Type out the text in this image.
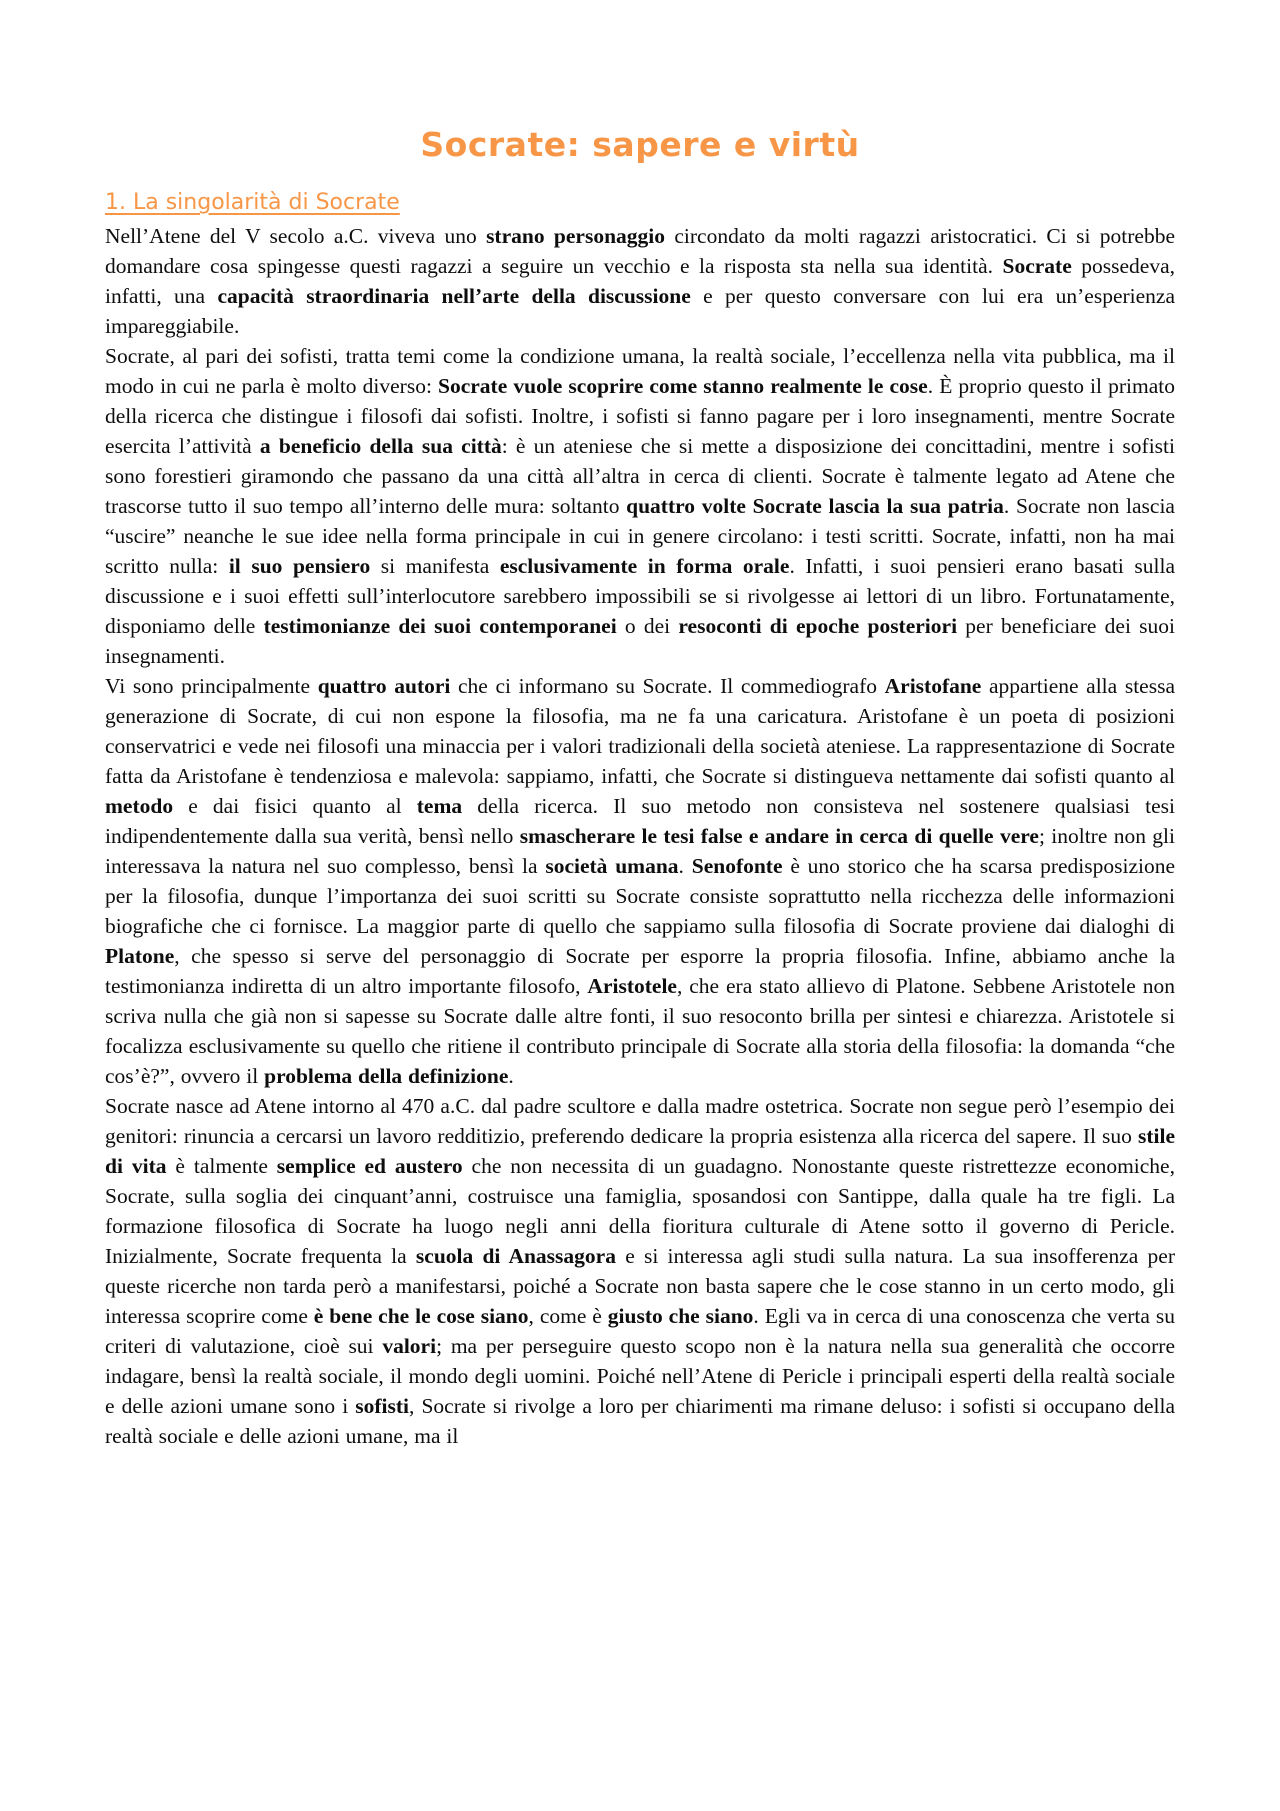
Socrate: sapere e virtù
1. La singolarità di Socrate

Nell’Atene del V secolo a.C. viveva uno strano personaggio circondato da molti ragazzi aristocratici. Ci si potrebbe domandare cosa spingesse questi ragazzi a seguire un vecchio e la risposta sta nella sua identità. Socrate possedeva, infatti, una capacità straordinaria nell’arte della discussione e per questo conversare con lui era un’esperienza impareggiabile.

Socrate, al pari dei sofisti, tratta temi come la condizione umana, la realtà sociale, l’eccellenza nella vita pubblica, ma il modo in cui ne parla è molto diverso: Socrate vuole scoprire come stanno realmente le cose. È proprio questo il primato della ricerca che distingue i filosofi dai sofisti. Inoltre, i sofisti si fanno pagare per i loro insegnamenti, mentre Socrate esercita l’attività a beneficio della sua città: è un ateniese che si mette a disposizione dei concittadini, mentre i sofisti sono forestieri giramondo che passano da una città all’altra in cerca di clienti. Socrate è talmente legato ad Atene che trascorse tutto il suo tempo all’interno delle mura: soltanto quattro volte Socrate lascia la sua patria. Socrate non lascia “uscire” neanche le sue idee nella forma principale in cui in genere circolano: i testi scritti. Socrate, infatti, non ha mai scritto nulla: il suo pensiero si manifesta esclusivamente in forma orale. Infatti, i suoi pensieri erano basati sulla discussione e i suoi effetti sull’interlocutore sarebbero impossibili se si rivolgesse ai lettori di un libro. Fortunatamente, disponiamo delle testimonianze dei suoi contemporanei o dei resoconti di epoche posteriori per beneficiare dei suoi insegnamenti.

Vi sono principalmente quattro autori che ci informano su Socrate. Il commediografo Aristofane appartiene alla stessa generazione di Socrate, di cui non espone la filosofia, ma ne fa una caricatura. Aristofane è un poeta di posizioni conservatrici e vede nei filosofi una minaccia per i valori tradizionali della società ateniese. La rappresentazione di Socrate fatta da Aristofane è tendenziosa e malevola: sappiamo, infatti, che Socrate si distingueva nettamente dai sofisti quanto al metodo e dai fisici quanto al tema della ricerca. Il suo metodo non consisteva nel sostenere qualsiasi tesi indipendentemente dalla sua verità, bensì nello smascherare le tesi false e andare in cerca di quelle vere; inoltre non gli interessava la natura nel suo complesso, bensì la società umana. Senofonte è uno storico che ha scarsa predisposizione per la filosofia, dunque l’importanza dei suoi scritti su Socrate consiste soprattutto nella ricchezza delle informazioni biografiche che ci fornisce. La maggior parte di quello che sappiamo sulla filosofia di Socrate proviene dai dialoghi di Platone, che spesso si serve del personaggio di Socrate per esporre la propria filosofia. Infine, abbiamo anche la testimonianza indiretta di un altro importante filosofo, Aristotele, che era stato allievo di Platone. Sebbene Aristotele non scriva nulla che già non si sapesse su Socrate dalle altre fonti, il suo resoconto brilla per sintesi e chiarezza. Aristotele si focalizza esclusivamente su quello che ritiene il contributo principale di Socrate alla storia della filosofia: la domanda “che cos’è?”, ovvero il problema della definizione.

Socrate nasce ad Atene intorno al 470 a.C. dal padre scultore e dalla madre ostetrica. Socrate non segue però l’esempio dei genitori: rinuncia a cercarsi un lavoro redditizio, preferendo dedicare la propria esistenza alla ricerca del sapere. Il suo stile di vita è talmente semplice ed austero che non necessita di un guadagno. Nonostante queste ristrettezze economiche, Socrate, sulla soglia dei cinquant’anni, costruisce una famiglia, sposandosi con Santippe, dalla quale ha tre figli. La formazione filosofica di Socrate ha luogo negli anni della fioritura culturale di Atene sotto il governo di Pericle. Inizialmente, Socrate frequenta la scuola di Anassagora e si interessa agli studi sulla natura. La sua insofferenza per queste ricerche non tarda però a manifestarsi, poiché a Socrate non basta sapere che le cose stanno in un certo modo, gli interessa scoprire come è bene che le cose siano, come è giusto che siano. Egli va in cerca di una conoscenza che verta su criteri di valutazione, cioè sui valori; ma per perseguire questo scopo non è la natura nella sua generalità che occorre indagare, bensì la realtà sociale, il mondo degli uomini. Poiché nell’Atene di Pericle i principali esperti della realtà sociale e delle azioni umane sono i sofisti, Socrate si rivolge a loro per chiarimenti ma rimane deluso: i sofisti si occupano della realtà sociale e delle azioni umane, ma il
